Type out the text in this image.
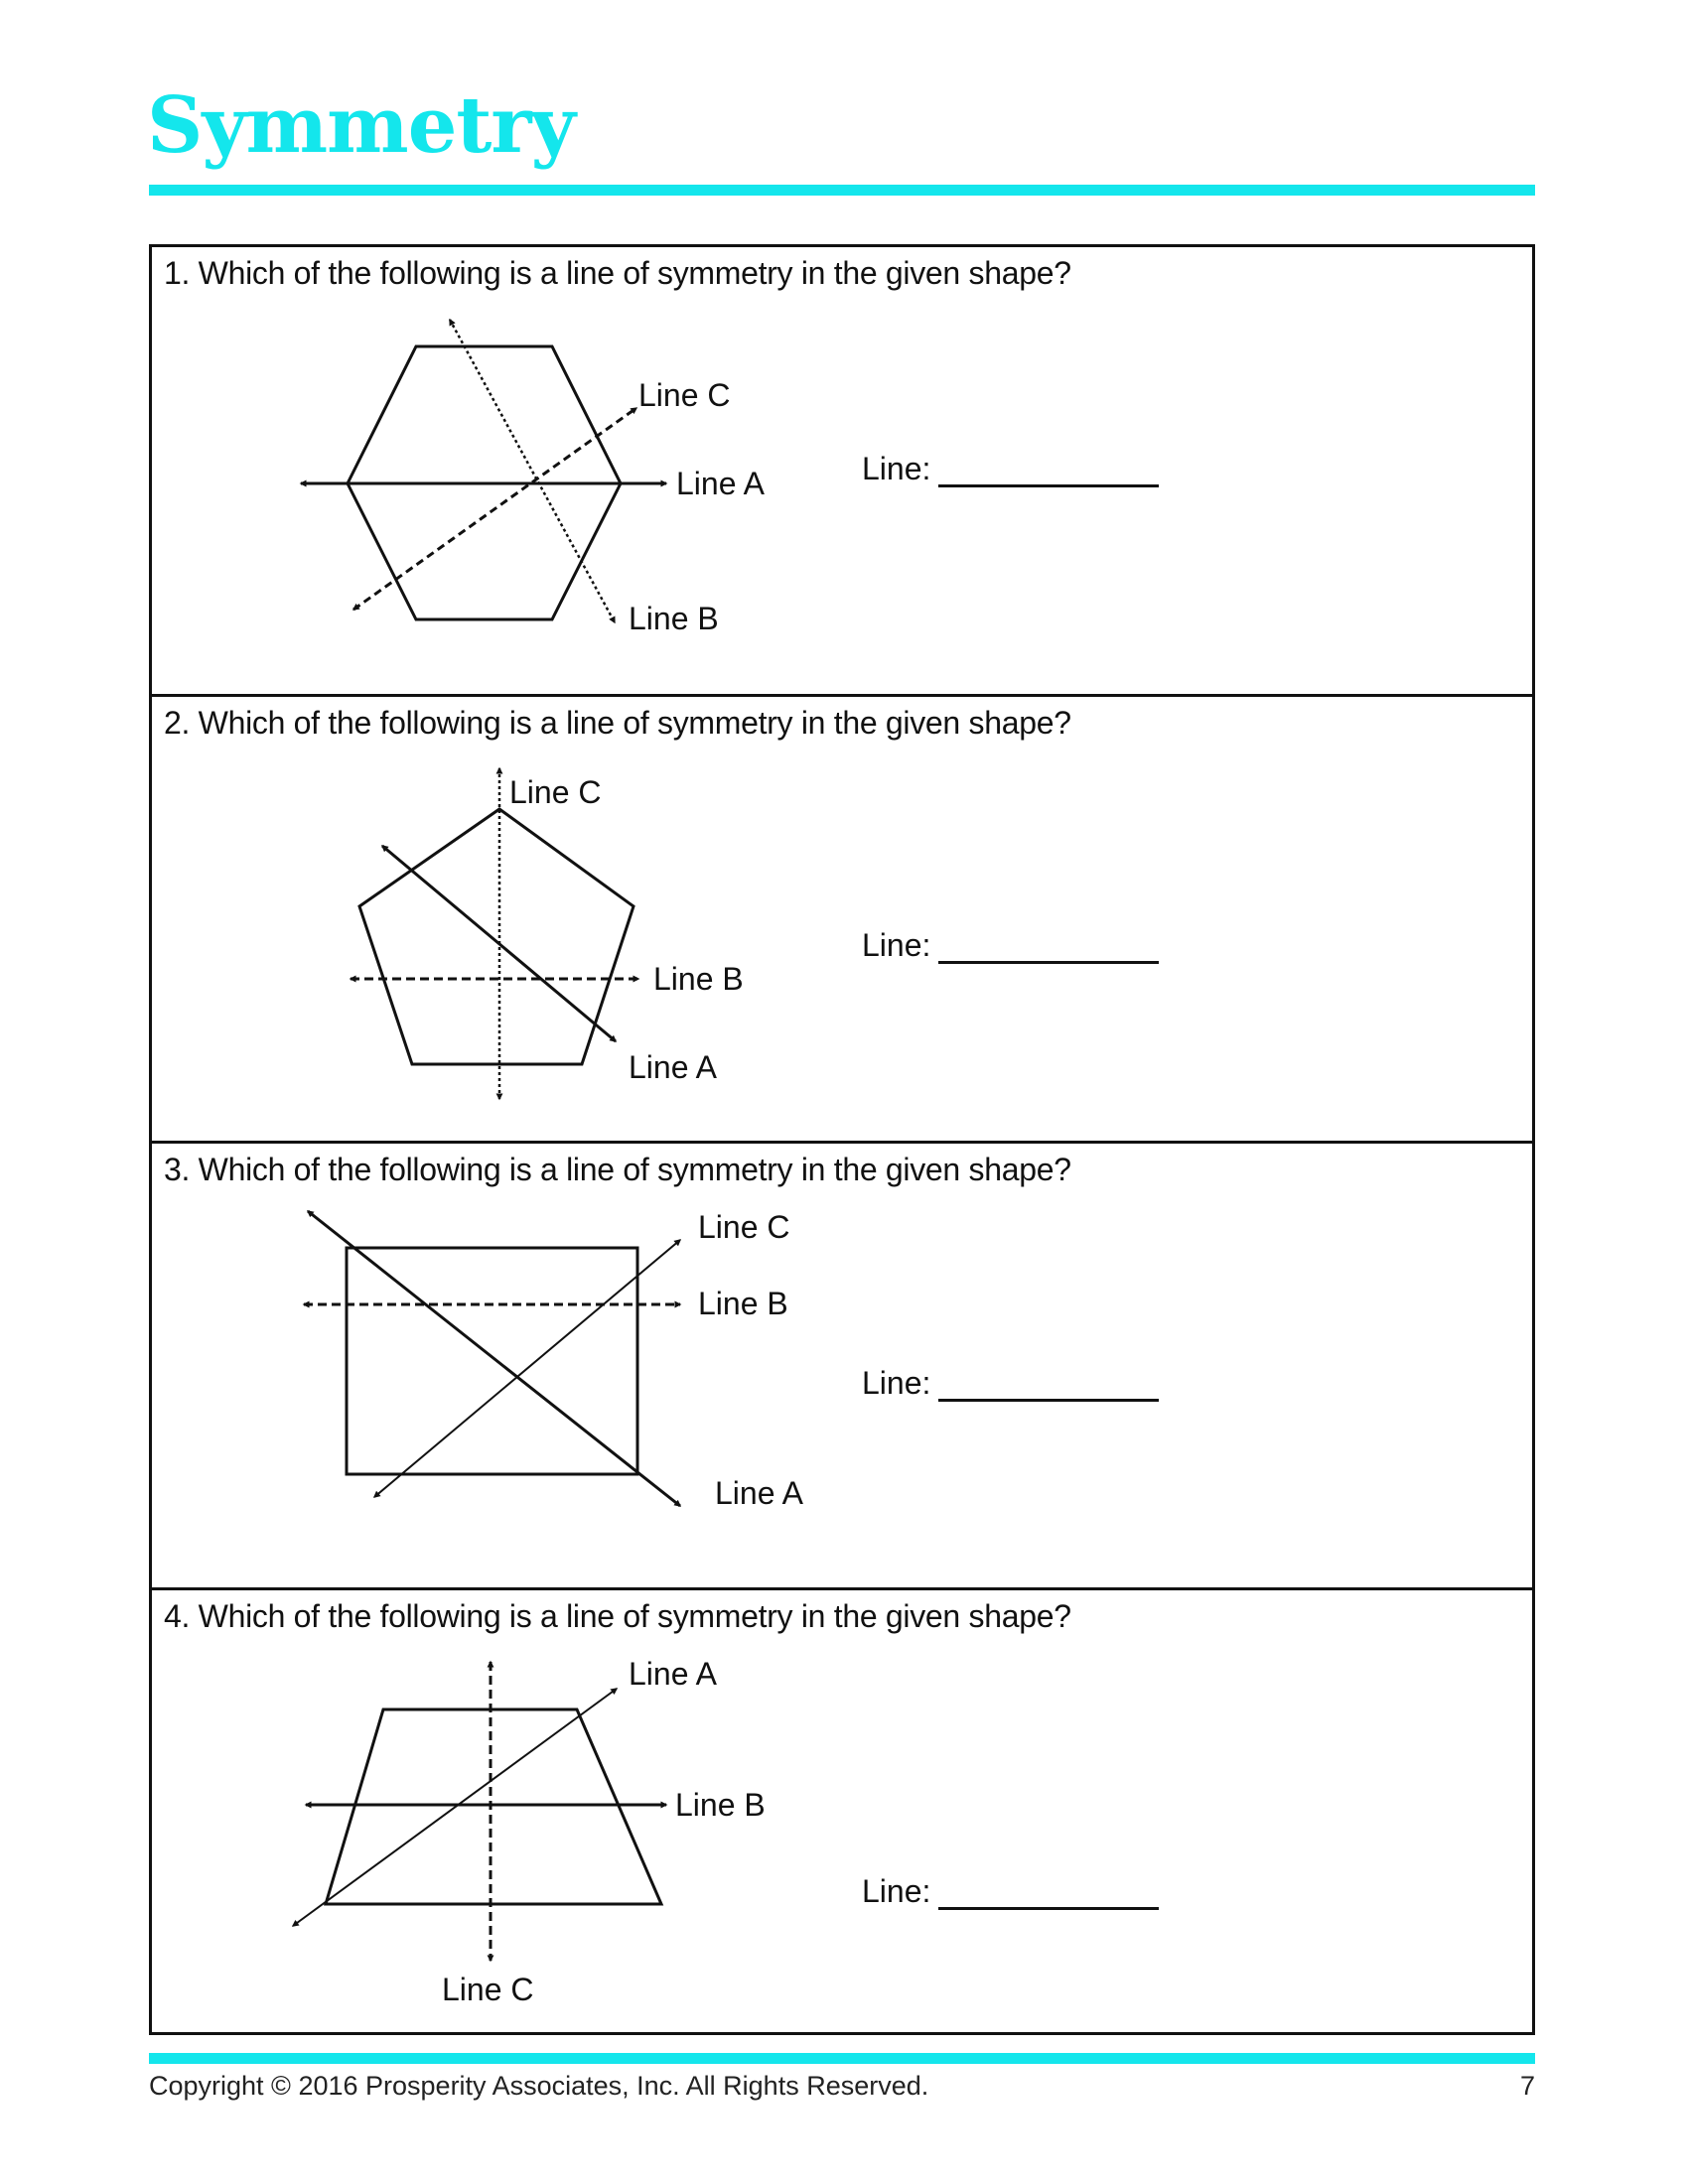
Symmetry
1. Which of the following is a line of symmetry in the given shape?
Line C
Line A
Line B
Line:
2. Which of the following is a line of symmetry in the given shape?
Line C
Line B
Line A
Line:
3. Which of the following is a line of symmetry in the given shape?
Line C
Line B
Line A
Line:
4. Which of the following is a line of symmetry in the given shape?
Line A
Line B
Line C
Line:
Copyright © 2016 Prosperity Associates, Inc. All Rights Reserved.	7
